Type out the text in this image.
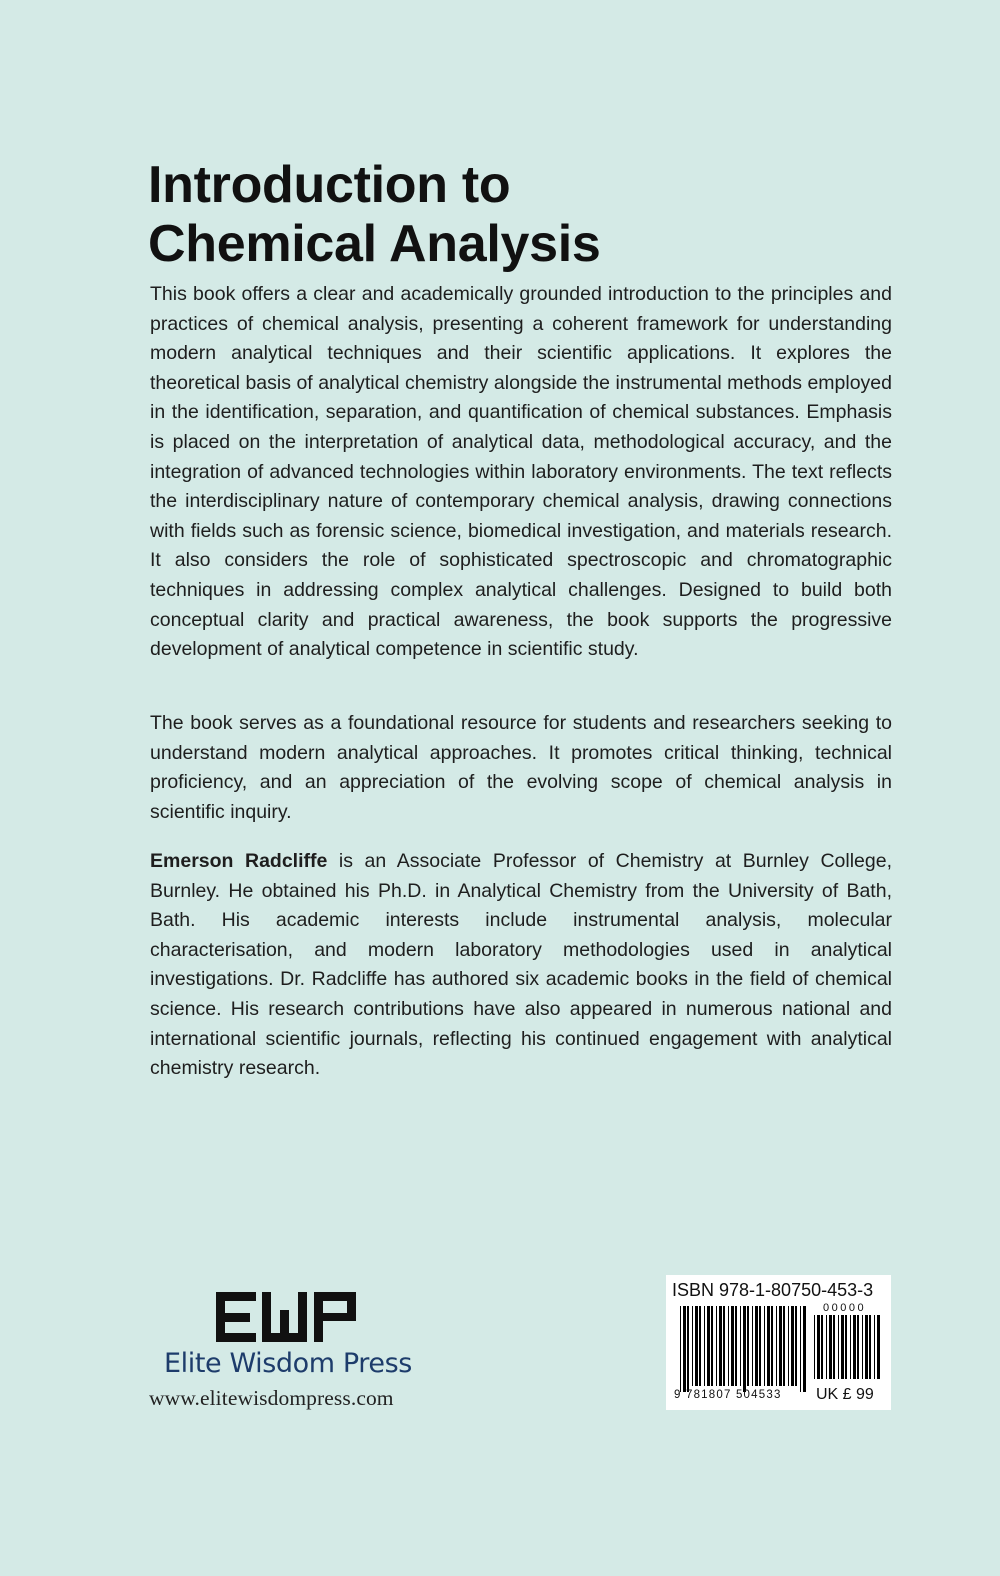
Introduction to
Chemical Analysis

This book offers a clear and academically grounded introduction to the principles and practices of chemical analysis, presenting a coherent framework for understanding modern analytical techniques and their scientific applications. It explores the theoretical basis of analytical chemistry alongside the instrumental methods employed in the identification, separation, and quantification of chemical substances. Emphasis is placed on the interpretation of analytical data, methodological accuracy, and the integration of advanced technologies within laboratory environments. The text reflects the interdisciplinary nature of contemporary chemical analysis, drawing connections with fields such as forensic science, biomedical investigation, and materials research. It also considers the role of sophisticated spectroscopic and chromatographic techniques in addressing complex analytical challenges. Designed to build both conceptual clarity and practical awareness, the book supports the progressive development of analytical competence in scientific study.

The book serves as a foundational resource for students and researchers seeking to understand modern analytical approaches. It promotes critical thinking, technical proficiency, and an appreciation of the evolving scope of chemical analysis in scientific inquiry.

Emerson Radcliffe is an Associate Professor of Chemistry at Burnley College, Burnley. He obtained his Ph.D. in Analytical Chemistry from the University of Bath, Bath. His academic interests include instrumental analysis, molecular characterisation, and modern laboratory methodologies used in analytical investigations. Dr. Radcliffe has authored six academic books in the field of chemical science. His research contributions have also appeared in numerous national and international scientific journals, reflecting his continued engagement with analytical chemistry research.

Elite Wisdom Press
www.elitewisdompress.com
ISBN 978-1-80750-453-3
00000
9 781807 504533 UK £ 99
